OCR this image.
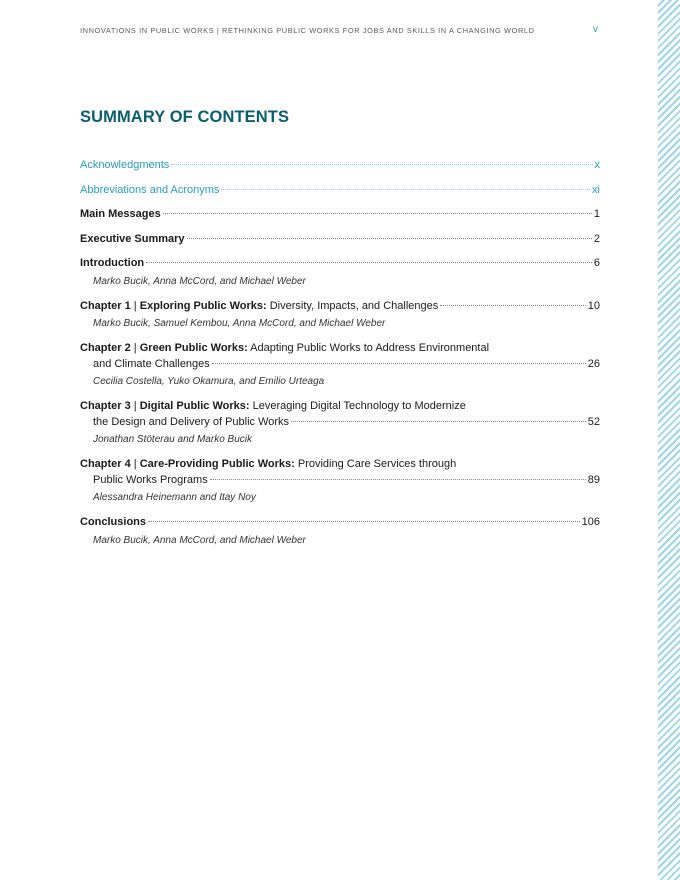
INNOVATIONS IN PUBLIC WORKS | RETHINKING PUBLIC WORKS FOR JOBS AND SKILLS IN A CHANGING WORLD	v
SUMMARY OF CONTENTS
Acknowledgments	x
Abbreviations and Acronyms	xi
Main Messages	1
Executive Summary	2
Introduction	6
Marko Bucik, Anna McCord, and Michael Weber
Chapter 1 | Exploring Public Works: Diversity, Impacts, and Challenges	10
Marko Bucik, Samuel Kembou, Anna McCord, and Michael Weber
Chapter 2 | Green Public Works: Adapting Public Works to Address Environmental
and Climate Challenges	26
Cecilia Costella, Yuko Okamura, and Emilio Urteaga
Chapter 3 | Digital Public Works: Leveraging Digital Technology to Modernize
the Design and Delivery of Public Works	52
Jonathan Stöterau and Marko Bucik
Chapter 4 | Care-Providing Public Works: Providing Care Services through
Public Works Programs	89
Alessandra Heinemann and Itay Noy
Conclusions	106
Marko Bucik, Anna McCord, and Michael Weber
